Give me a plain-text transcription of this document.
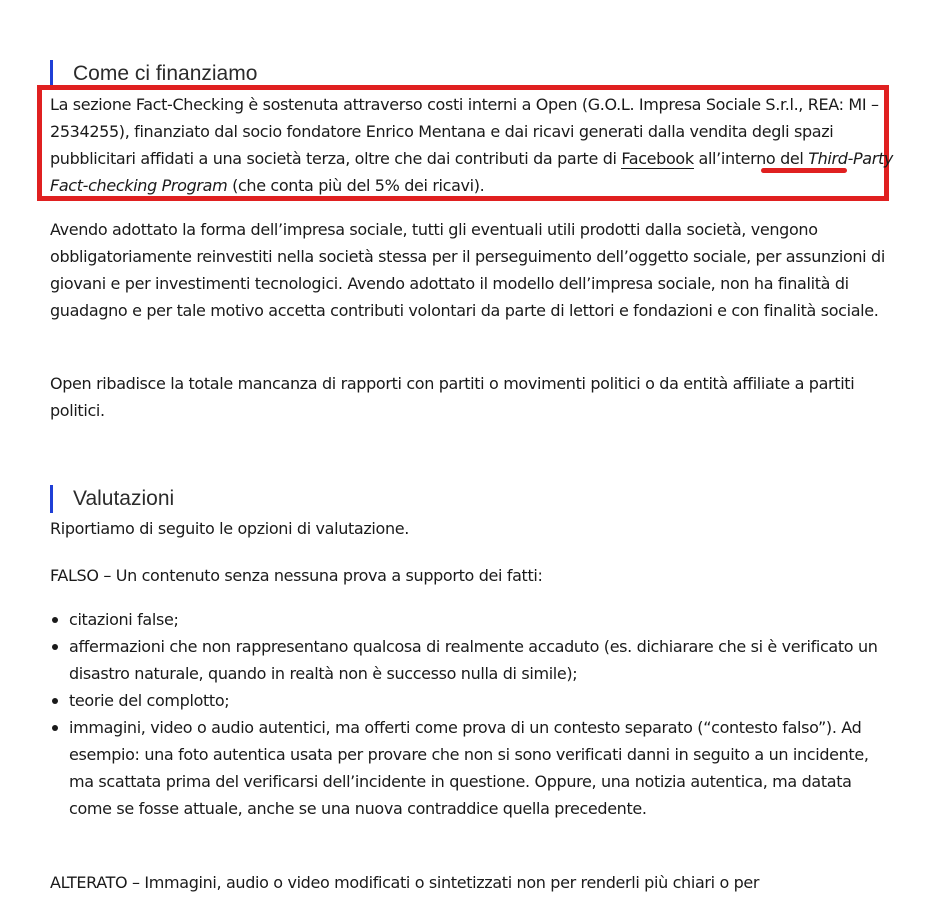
Come ci finanziamo

La sezione Fact-Checking è sostenuta attraverso costi interni a Open (G.O.L. Impresa Sociale S.r.l., REA: MI – 2534255), finanziato dal socio fondatore Enrico Mentana e dai ricavi generati dalla vendita degli spazi pubblicitari affidati a una società terza, oltre che dai contributi da parte di Facebook all’interno del Third-Party Fact-checking Program (che conta più del 5% dei ricavi).

Avendo adottato la forma dell’impresa sociale, tutti gli eventuali utili prodotti dalla società, vengono obbligatoriamente reinvestiti nella società stessa per il perseguimento dell’oggetto sociale, per assunzioni di giovani e per investimenti tecnologici. Avendo adottato il modello dell’impresa sociale, non ha finalità di guadagno e per tale motivo accetta contributi volontari da parte di lettori e fondazioni e con finalità sociale.

Open ribadisce la totale mancanza di rapporti con partiti o movimenti politici o da entità affiliate a partiti politici.

Valutazioni

Riportiamo di seguito le opzioni di valutazione.

FALSO – Un contenuto senza nessuna prova a supporto dei fatti:

citazioni false;
affermazioni che non rappresentano qualcosa di realmente accaduto (es. dichiarare che si è verificato un disastro naturale, quando in realtà non è successo nulla di simile);
teorie del complotto;
immagini, video o audio autentici, ma offerti come prova di un contesto separato (“contesto falso”). Ad esempio: una foto autentica usata per provare che non si sono verificati danni in seguito a un incidente, ma scattata prima del verificarsi dell’incidente in questione. Oppure, una notizia autentica, ma datata come se fosse attuale, anche se una nuova contraddice quella precedente.

ALTERATO – Immagini, audio o video modificati o sintetizzati non per renderli più chiari o per
